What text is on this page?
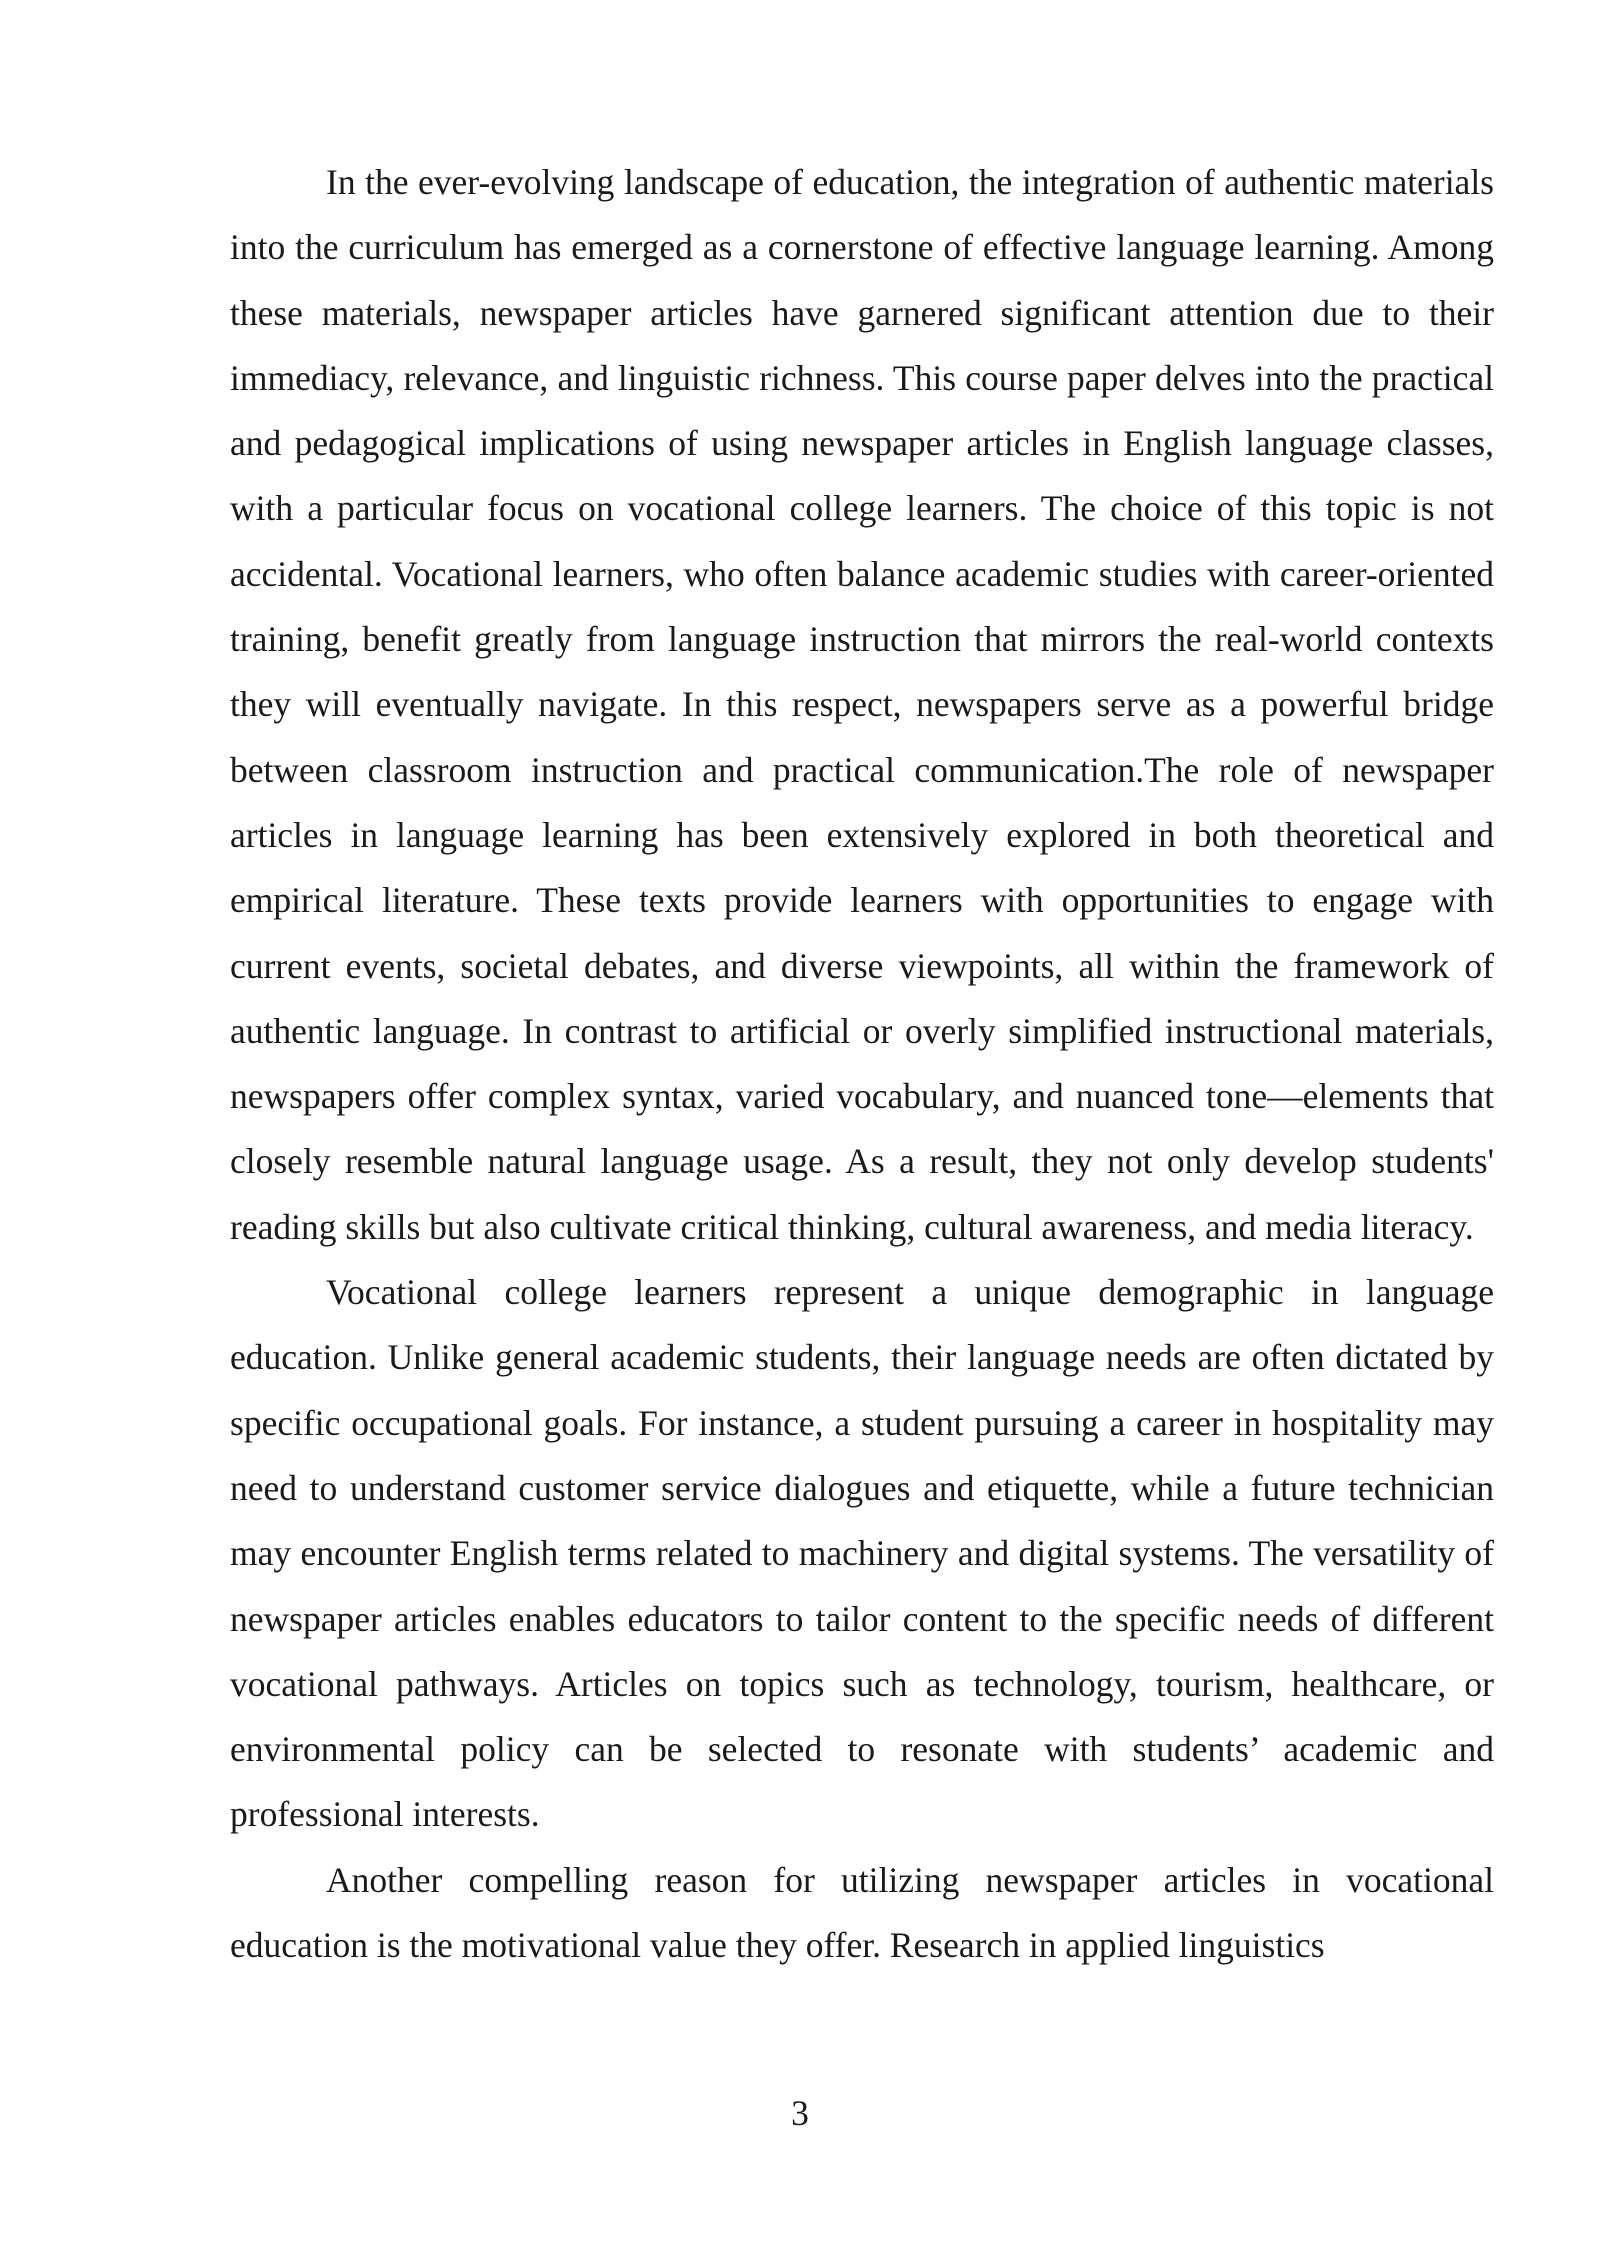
In the ever-evolving landscape of education, the integration of authentic materials into the curriculum has emerged as a cornerstone of effective language learning. Among these materials, newspaper articles have garnered significant attention due to their immediacy, relevance, and linguistic richness. This course paper delves into the practical and pedagogical implications of using newspaper articles in English language classes, with a particular focus on vocational college learners. The choice of this topic is not accidental. Vocational learners, who often balance academic studies with career-oriented training, benefit greatly from language instruction that mirrors the real-world contexts they will eventually navigate. In this respect, newspapers serve as a powerful bridge between classroom instruction and practical communication.The role of newspaper articles in language learning has been extensively explored in both theoretical and empirical literature. These texts provide learners with opportunities to engage with current events, societal debates, and diverse viewpoints, all within the framework of authentic language. In contrast to artificial or overly simplified instructional materials, newspapers offer complex syntax, varied vocabulary, and nuanced tone—elements that closely resemble natural language usage. As a result, they not only develop students' reading skills but also cultivate critical thinking, cultural awareness, and media literacy.

Vocational college learners represent a unique demographic in language education. Unlike general academic students, their language needs are often dictated by specific occupational goals. For instance, a student pursuing a career in hospitality may need to understand customer service dialogues and etiquette, while a future technician may encounter English terms related to machinery and digital systems. The versatility of newspaper articles enables educators to tailor content to the specific needs of different vocational pathways. Articles on topics such as technology, tourism, healthcare, or environmental policy can be selected to resonate with students’ academic and professional interests.

Another compelling reason for utilizing newspaper articles in vocational education is the motivational value they offer. Research in applied linguistics

3
